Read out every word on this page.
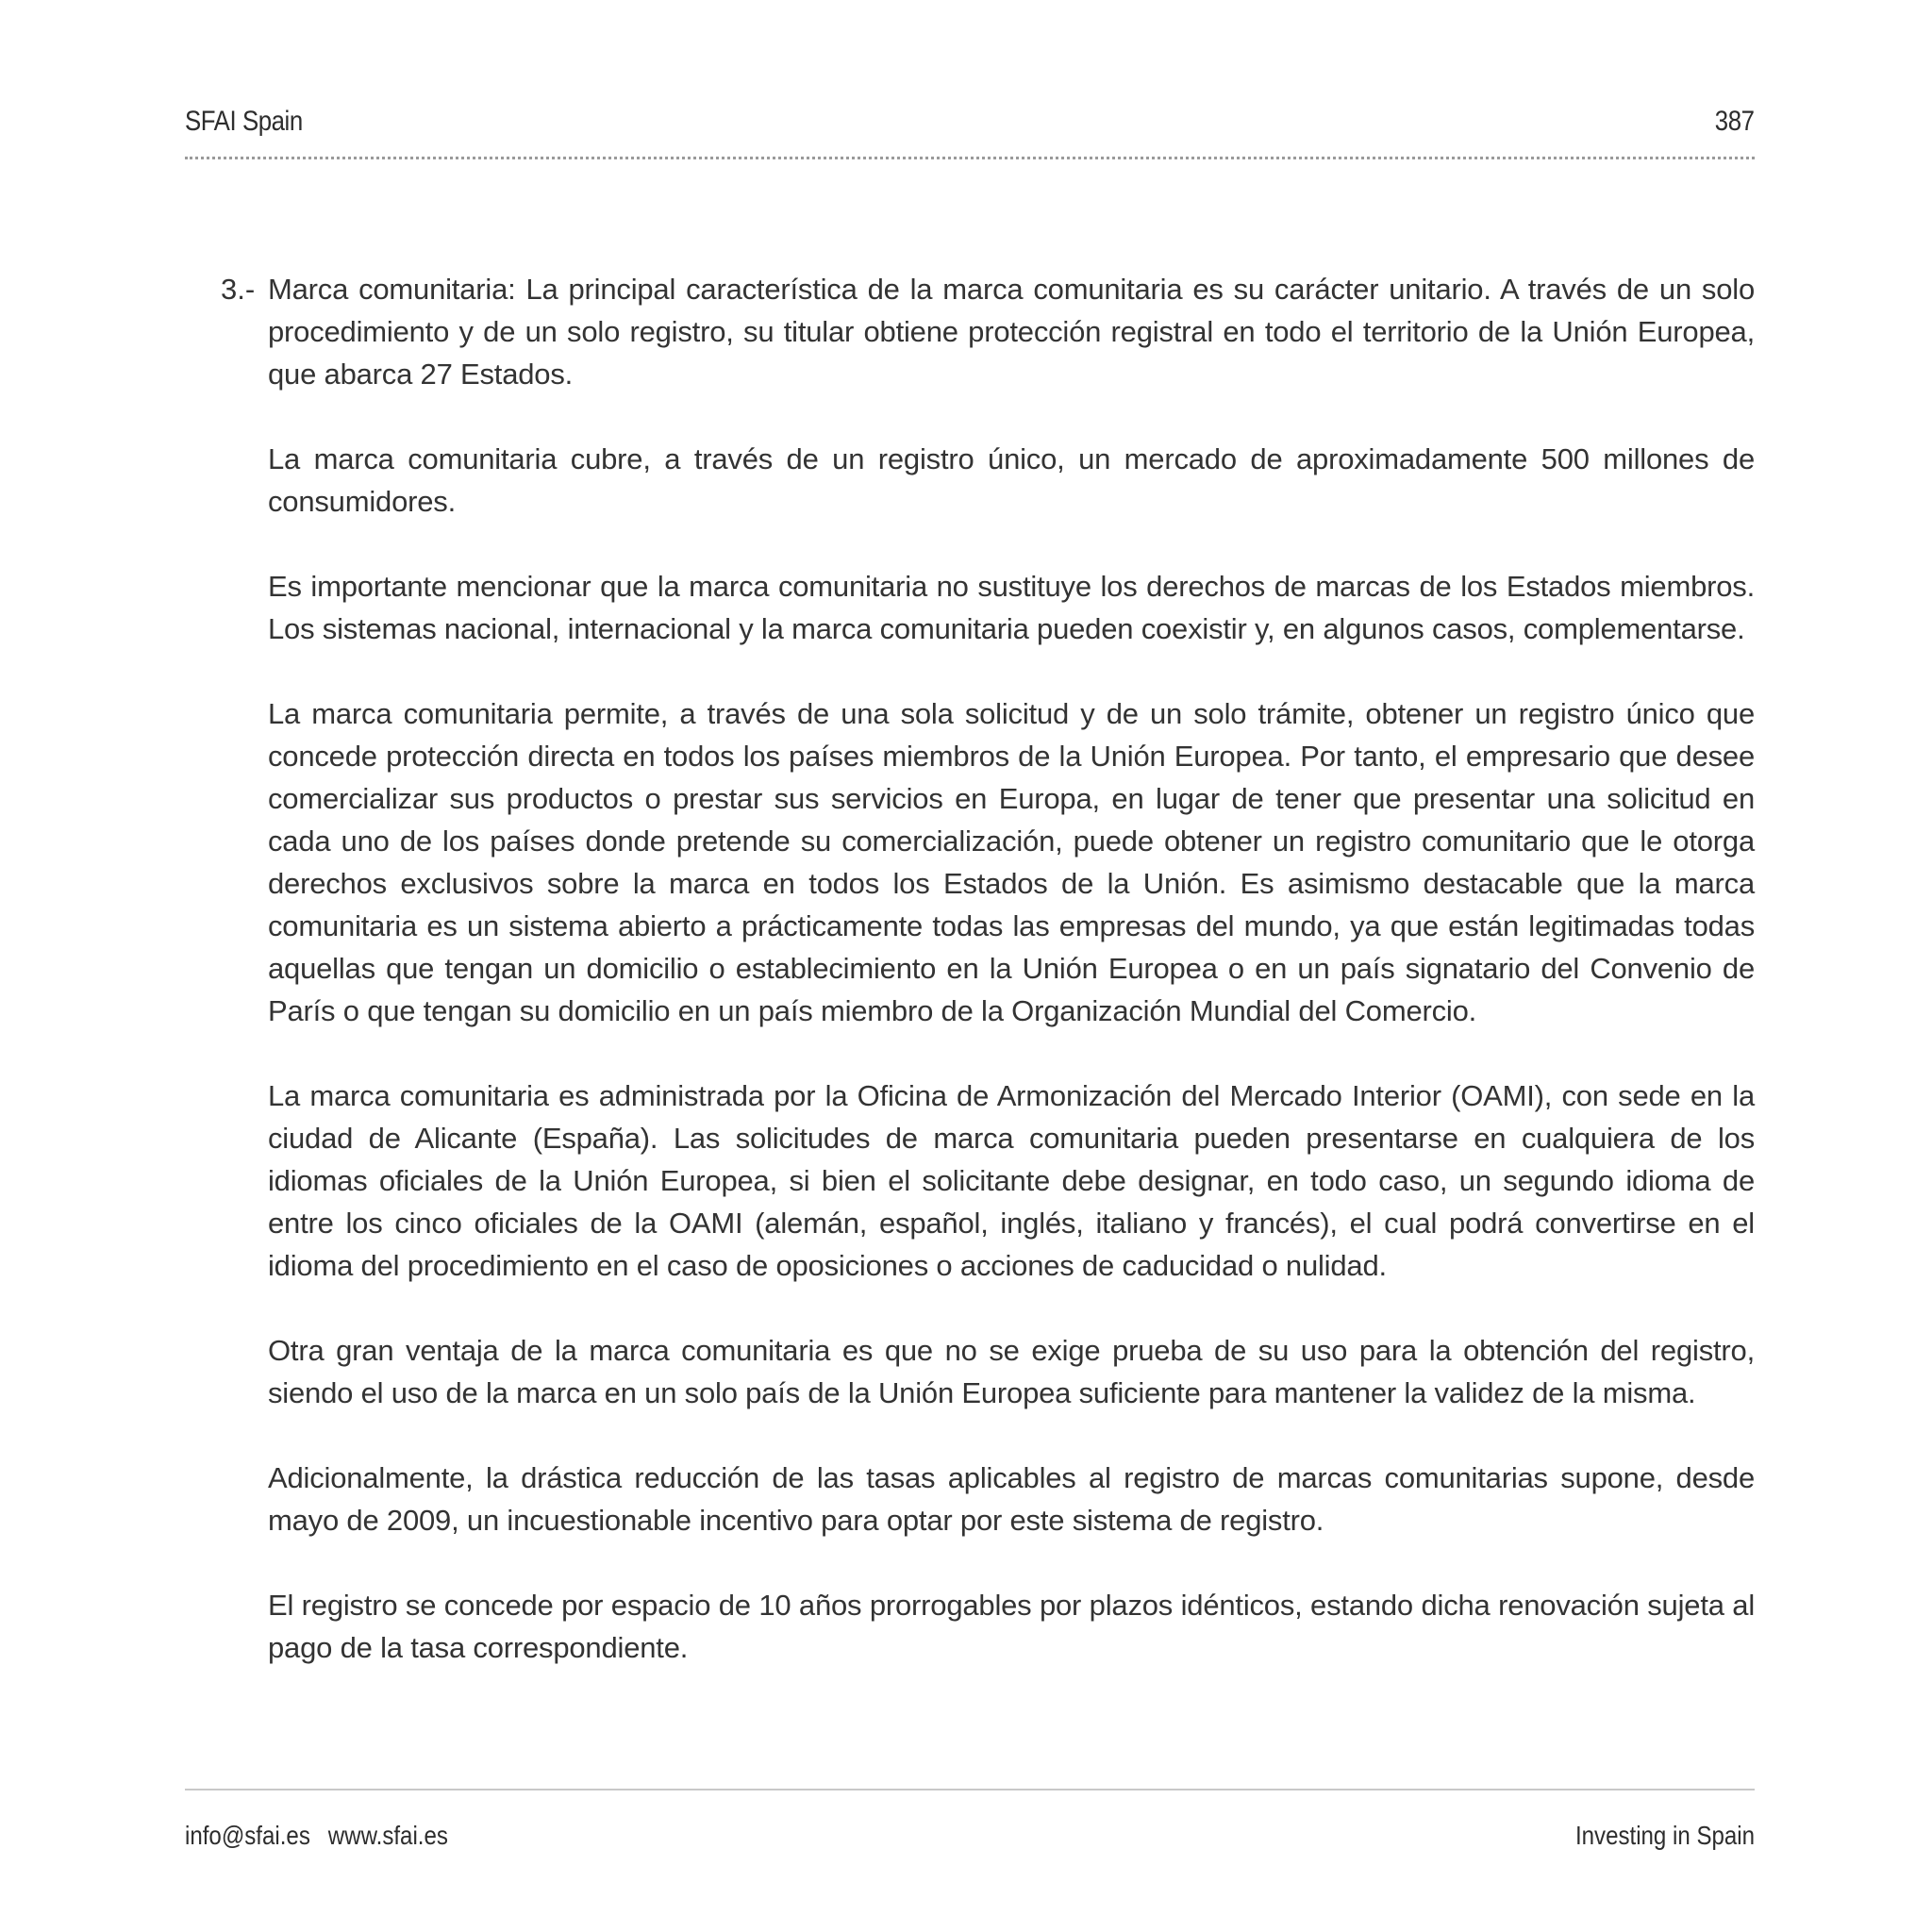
SFAI Spain	387
3.- Marca comunitaria: La principal característica de la marca comunitaria es su carácter unitario. A través de un solo procedimiento y de un solo registro, su titular obtiene protección registral en todo el territorio de la Unión Europea, que abarca 27 Estados.

La marca comunitaria cubre, a través de un registro único, un mercado de aproximadamente 500 millones de consumidores.

Es importante mencionar que la marca comunitaria no sustituye los derechos de marcas de los Estados miembros. Los sistemas nacional, internacional y la marca comunitaria pueden coexistir y, en algunos casos, complementarse.

La marca comunitaria permite, a través de una sola solicitud y de un solo trámite, obtener un registro único que concede protección directa en todos los países miembros de la Unión Europea. Por tanto, el empresario que desee comercializar sus productos o prestar sus servicios en Europa, en lugar de tener que presentar una solicitud en cada uno de los países donde pretende su comercialización, puede obtener un registro comunitario que le otorga derechos exclusivos sobre la marca en todos los Estados de la Unión. Es asimismo destacable que la marca comunitaria es un sistema abierto a prácticamente todas las empresas del mundo, ya que están legitimadas todas aquellas que tengan un domicilio o establecimiento en la Unión Europea o en un país signatario del Convenio de París o que tengan su domicilio en un país miembro de la Organización Mundial del Comercio.

La marca comunitaria es administrada por la Oficina de Armonización del Mercado Interior (OAMI), con sede en la ciudad de Alicante (España). Las solicitudes de marca comunitaria pueden presentarse en cualquiera de los idiomas oficiales de la Unión Europea, si bien el solicitante debe designar, en todo caso, un segundo idioma de entre los cinco oficiales de la OAMI (alemán, español, inglés, italiano y francés), el cual podrá convertirse en el idioma del procedimiento en el caso de oposiciones o acciones de caducidad o nulidad.

Otra gran ventaja de la marca comunitaria es que no se exige prueba de su uso para la obtención del registro, siendo el uso de la marca en un solo país de la Unión Europea suficiente para mantener la validez de la misma.

Adicionalmente, la drástica reducción de las tasas aplicables al registro de marcas comunitarias supone, desde mayo de 2009, un incuestionable incentivo para optar por este sistema de registro.

El registro se concede por espacio de 10 años prorrogables por plazos idénticos, estando dicha renovación sujeta al pago de la tasa correspondiente.

info@sfai.es www.sfai.es	Investing in Spain
